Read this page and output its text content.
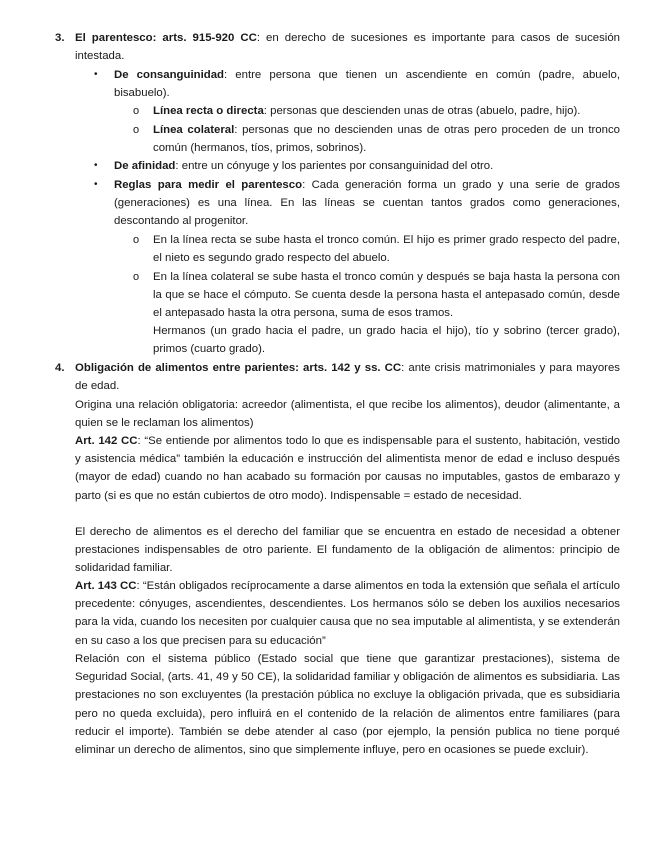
3. El parentesco: arts. 915-920 CC: en derecho de sucesiones es importante para casos de sucesión intestada.
• De consanguinidad: entre persona que tienen un ascendiente en común (padre, abuelo, bisabuelo).
o Línea recta o directa: personas que descienden unas de otras (abuelo, padre, hijo).
o Línea colateral: personas que no descienden unas de otras pero proceden de un tronco común (hermanos, tíos, primos, sobrinos).
• De afinidad: entre un cónyuge y los parientes por consanguinidad del otro.
• Reglas para medir el parentesco: Cada generación forma un grado y una serie de grados (generaciones) es una línea. En las líneas se cuentan tantos grados como generaciones, descontando al progenitor.
o En la línea recta se sube hasta el tronco común. El hijo es primer grado respecto del padre, el nieto es segundo grado respecto del abuelo.
o En la línea colateral se sube hasta el tronco común y después se baja hasta la persona con la que se hace el cómputo. Se cuenta desde la persona hasta el antepasado común, desde el antepasado hasta la otra persona, suma de esos tramos.
Hermanos (un grado hacia el padre, un grado hacia el hijo), tío y sobrino (tercer grado), primos (cuarto grado).
4. Obligación de alimentos entre parientes: arts. 142 y ss. CC: ante crisis matrimoniales y para mayores de edad.
Origina una relación obligatoria: acreedor (alimentista, el que recibe los alimentos), deudor (alimentante, a quien se le reclaman los alimentos)
Art. 142 CC: “Se entiende por alimentos todo lo que es indispensable para el sustento, habitación, vestido y asistencia médica” también la educación e instrucción del alimentista menor de edad e incluso después (mayor de edad) cuando no han acabado su formación por causas no imputables, gastos de embarazo y parto (si es que no están cubiertos de otro modo). Indispensable = estado de necesidad.
El derecho de alimentos es el derecho del familiar que se encuentra en estado de necesidad a obtener prestaciones indispensables de otro pariente. El fundamento de la obligación de alimentos: principio de solidaridad familiar.
Art. 143 CC: “Están obligados recíprocamente a darse alimentos en toda la extensión que señala el artículo precedente: cónyuges, ascendientes, descendientes. Los hermanos sólo se deben los auxilios necesarios para la vida, cuando los necesiten por cualquier causa que no sea imputable al alimentista, y se extenderán en su caso a los que precisen para su educación”
Relación con el sistema público (Estado social que tiene que garantizar prestaciones), sistema de Seguridad Social, (arts. 41, 49 y 50 CE), la solidaridad familiar y obligación de alimentos es subsidiaria. Las prestaciones no son excluyentes (la prestación pública no excluye la obligación privada, que es subsidiaria pero no queda excluida), pero influirá en el contenido de la relación de alimentos entre familiares (para reducir el importe). También se debe atender al caso (por ejemplo, la pensión publica no tiene porqué eliminar un derecho de alimentos, sino que simplemente influye, pero en ocasiones se puede excluir).
